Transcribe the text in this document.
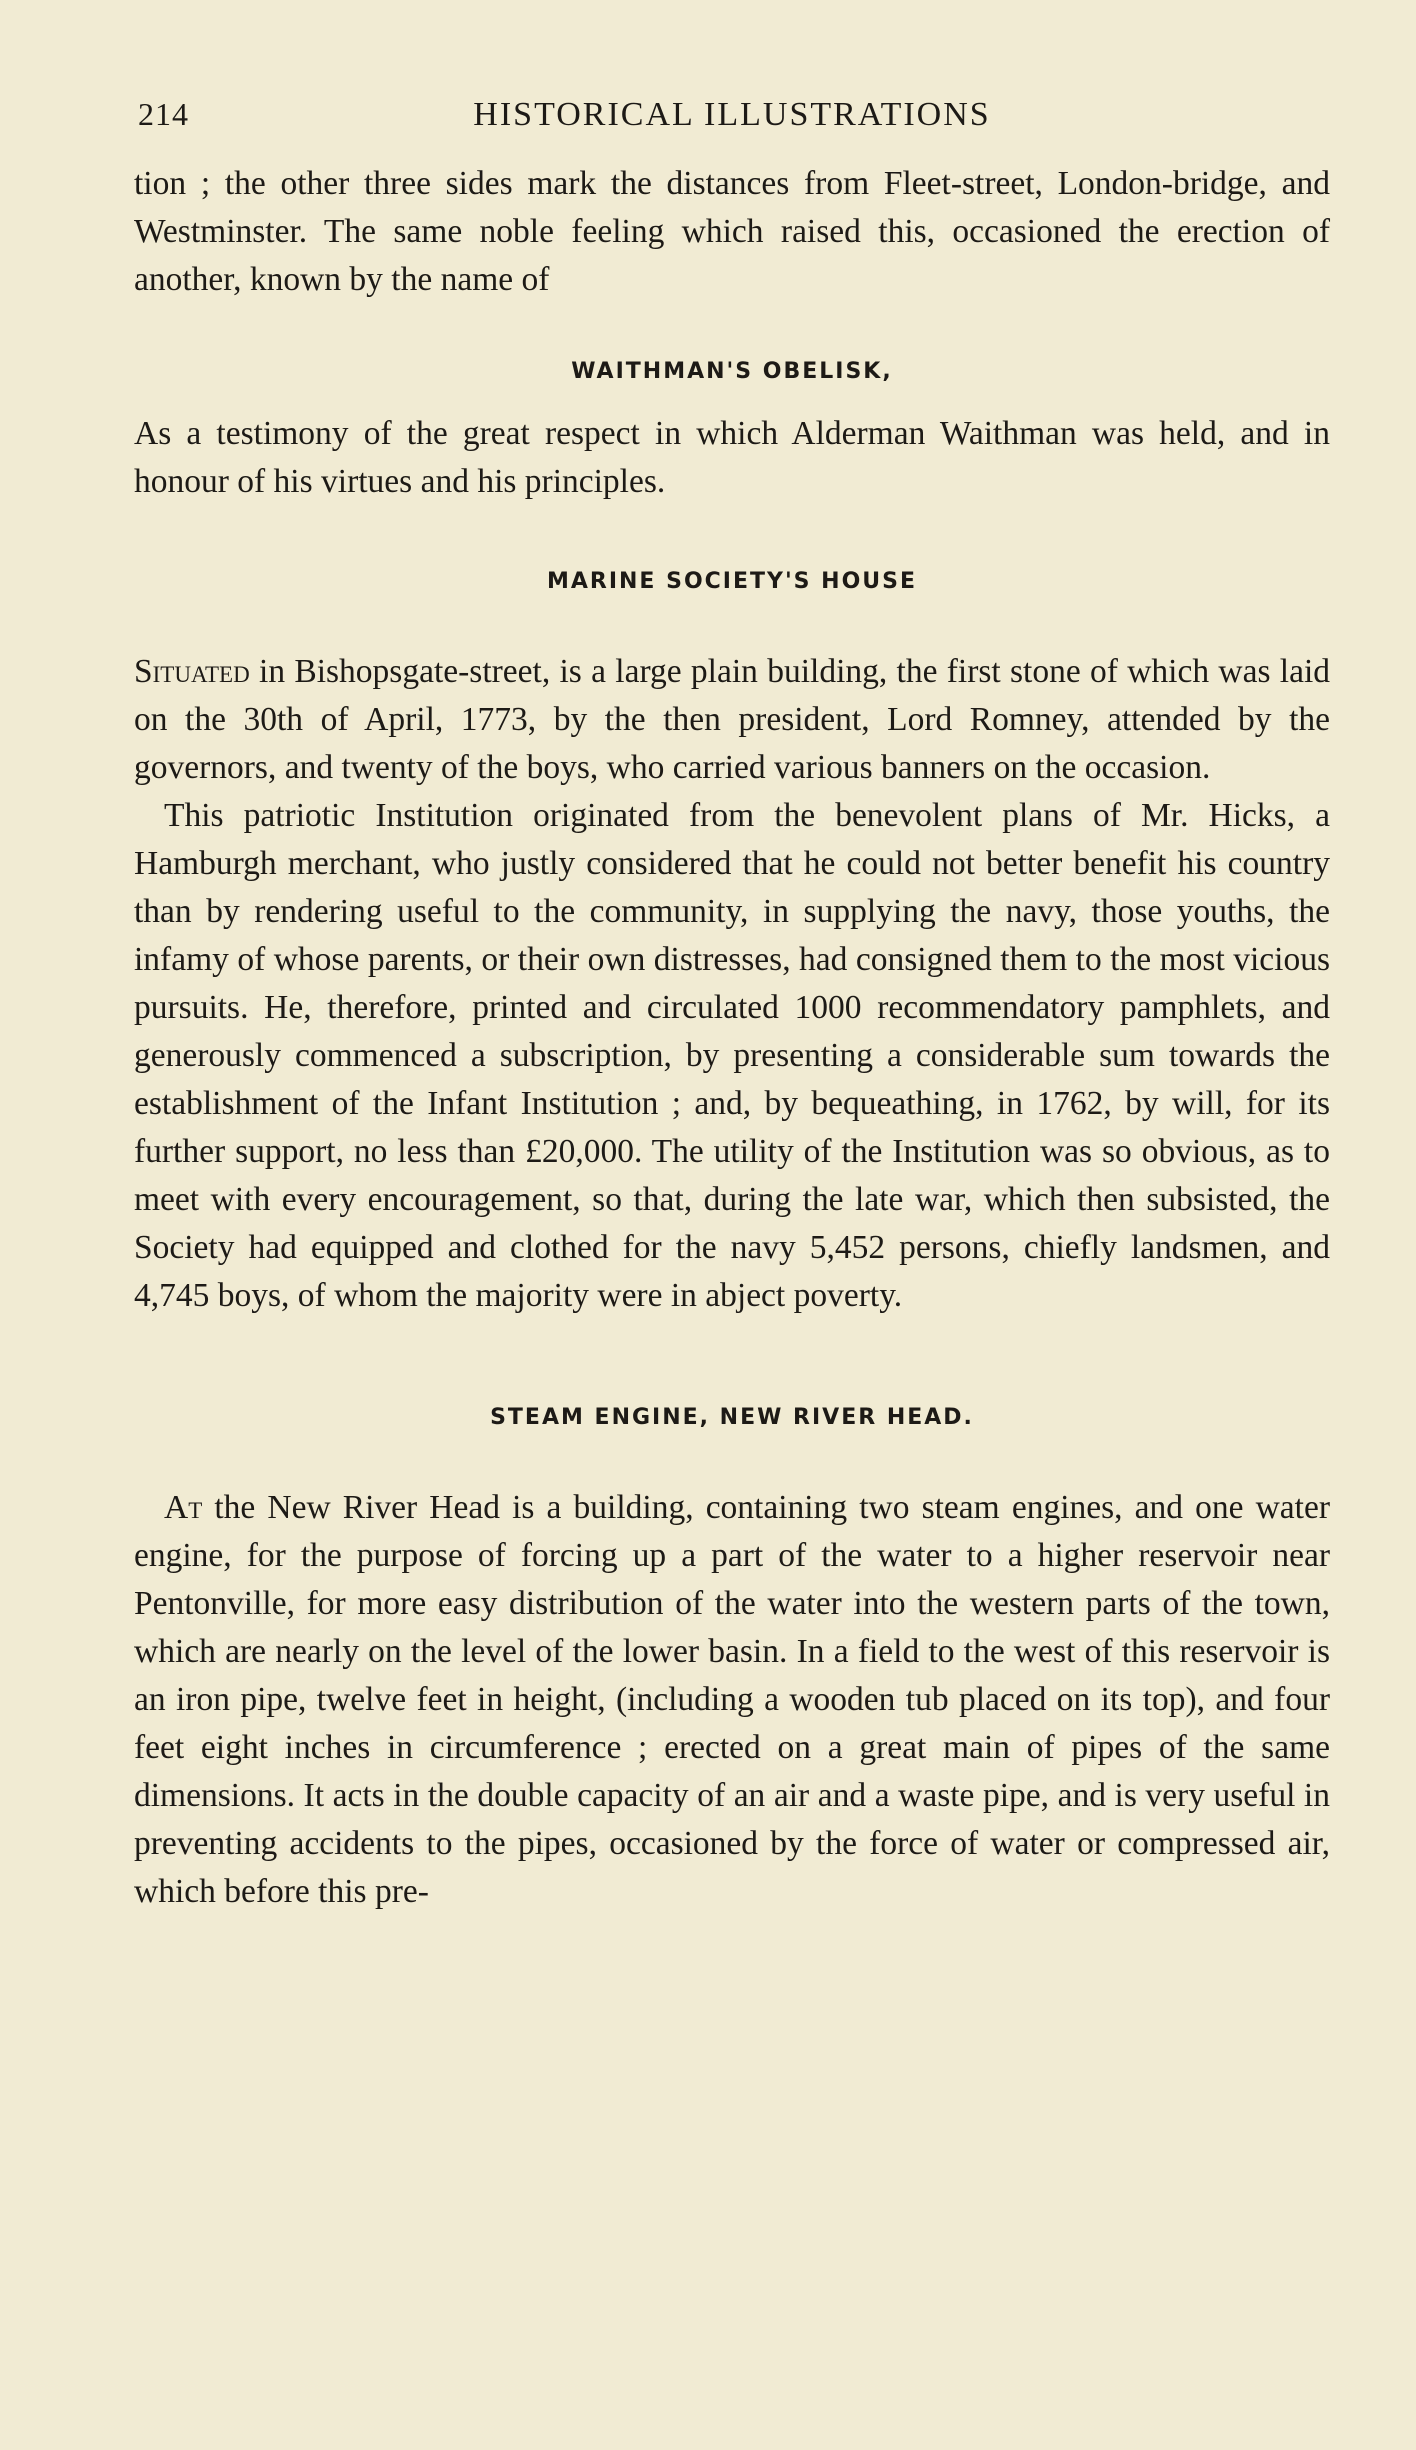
214	HISTORICAL ILLUSTRATIONS

tion ; the other three sides mark the distances from Fleet-street, London-bridge, and Westminster. The same noble feeling which raised this, occasioned the erection of another, known by the name of

WAITHMAN'S OBELISK,

As a testimony of the great respect in which Alderman Waithman was held, and in honour of his virtues and his principles.

MARINE SOCIETY'S HOUSE

Situated in Bishopsgate-street, is a large plain building, the first stone of which was laid on the 30th of April, 1773, by the then president, Lord Romney, attended by the governors, and twenty of the boys, who carried various banners on the occasion.

This patriotic Institution originated from the benevolent plans of Mr. Hicks, a Hamburgh merchant, who justly considered that he could not better benefit his country than by rendering useful to the community, in supplying the navy, those youths, the infamy of whose parents, or their own distresses, had consigned them to the most vicious pursuits. He, therefore, printed and circulated 1000 recommendatory pamphlets, and generously commenced a subscription, by presenting a considerable sum towards the establishment of the Infant Institution ; and, by bequeathing, in 1762, by will, for its further support, no less than £20,000. The utility of the Institution was so obvious, as to meet with every encouragement, so that, during the late war, which then subsisted, the Society had equipped and clothed for the navy 5,452 persons, chiefly landsmen, and 4,745 boys, of whom the majority were in abject poverty.

STEAM ENGINE, NEW RIVER HEAD.

At the New River Head is a building, containing two steam engines, and one water engine, for the purpose of forcing up a part of the water to a higher reservoir near Pentonville, for more easy distribution of the water into the western parts of the town, which are nearly on the level of the lower basin. In a field to the west of this reservoir is an iron pipe, twelve feet in height, (including a wooden tub placed on its top), and four feet eight inches in circumference ; erected on a great main of pipes of the same dimensions. It acts in the double capacity of an air and a waste pipe, and is very useful in preventing accidents to the pipes, occasioned by the force of water or compressed air, which before this pre-
